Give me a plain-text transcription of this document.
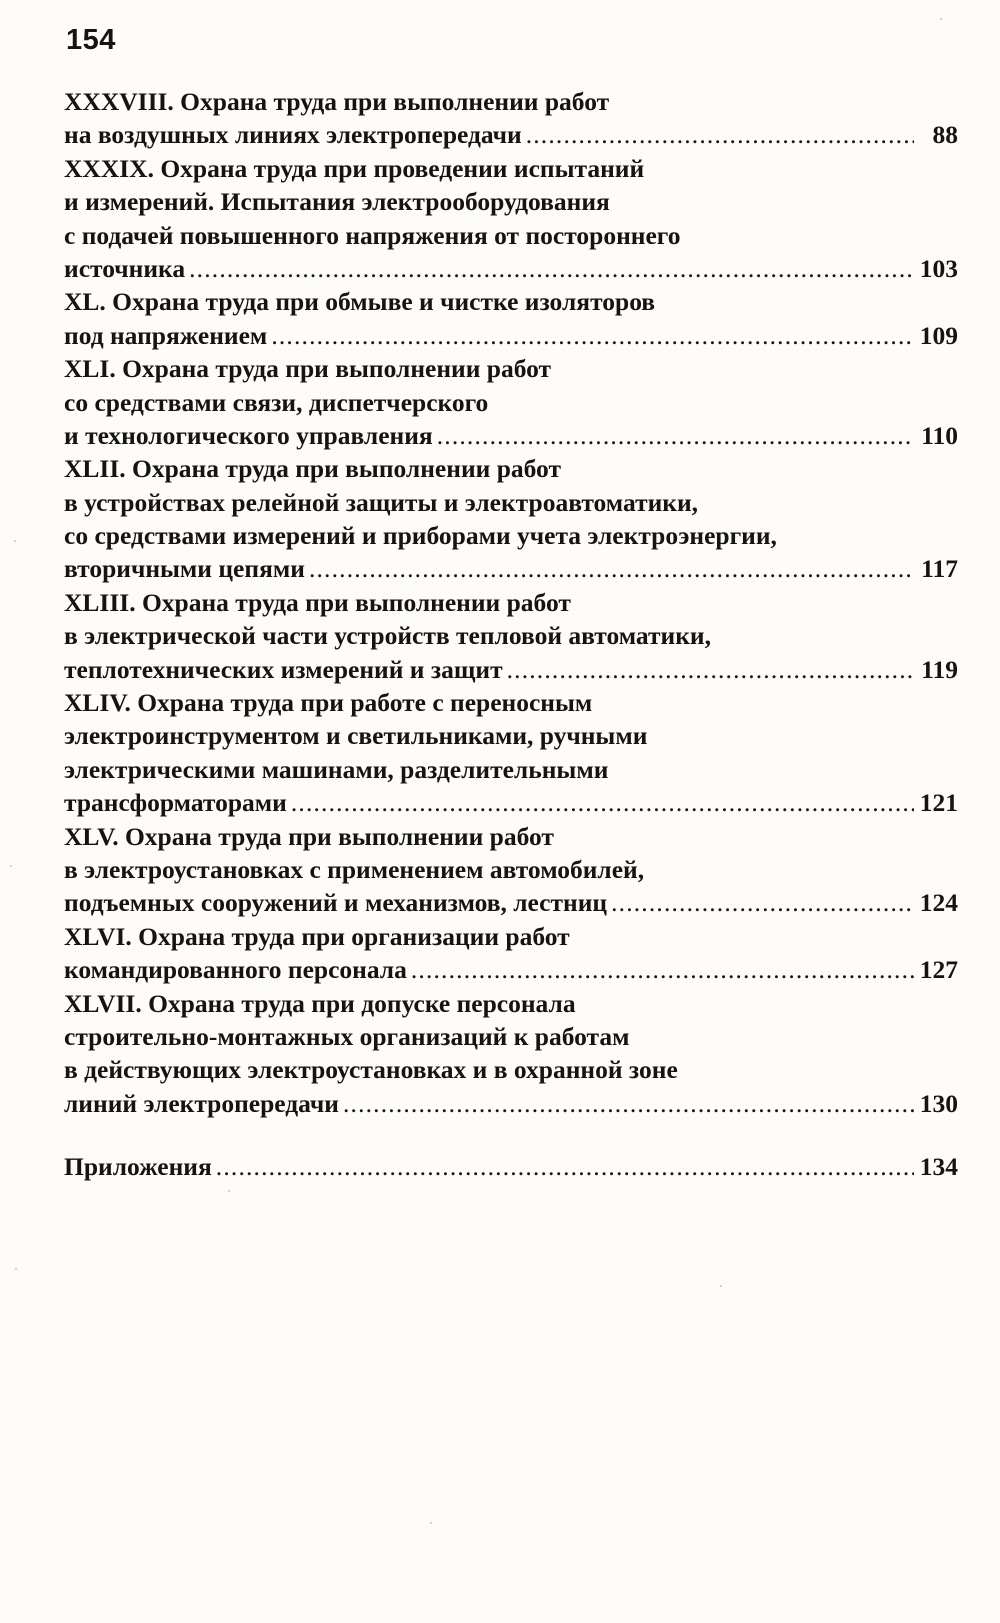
154
XXXVIII. Охрана труда при выполнении работ
на воздушных линиях электропередачи . . .	88
XXXIX. Охрана труда при проведении испытаний
и измерений. Испытания электрооборудования
с подачей повышенного напряжения от постороннего
источника . . .	103
XL. Охрана труда при обмыве и чистке изоляторов
под напряжением . . .	109
XLI. Охрана труда при выполнении работ
со средствами связи, диспетчерского
и технологического управления . . .	110
XLII. Охрана труда при выполнении работ
в устройствах релейной защиты и электроавтоматики,
со средствами измерений и приборами учета электроэнергии,
вторичными цепями . . .	117
XLIII. Охрана труда при выполнении работ
в электрической части устройств тепловой автоматики,
теплотехнических измерений и защит . . .	119
XLIV. Охрана труда при работе с переносным
электроинструментом и светильниками, ручными
электрическими машинами, разделительными
трансформаторами . . .	121
XLV. Охрана труда при выполнении работ
в электроустановках с применением автомобилей,
подъемных сооружений и механизмов, лестниц . . .	124
XLVI. Охрана труда при организации работ
командированного персонала . . .	127
XLVII. Охрана труда при допуске персонала
строительно-монтажных организаций к работам
в действующих электроустановках и в охранной зоне
линий электропередачи . . .	130
Приложения . . .	134
